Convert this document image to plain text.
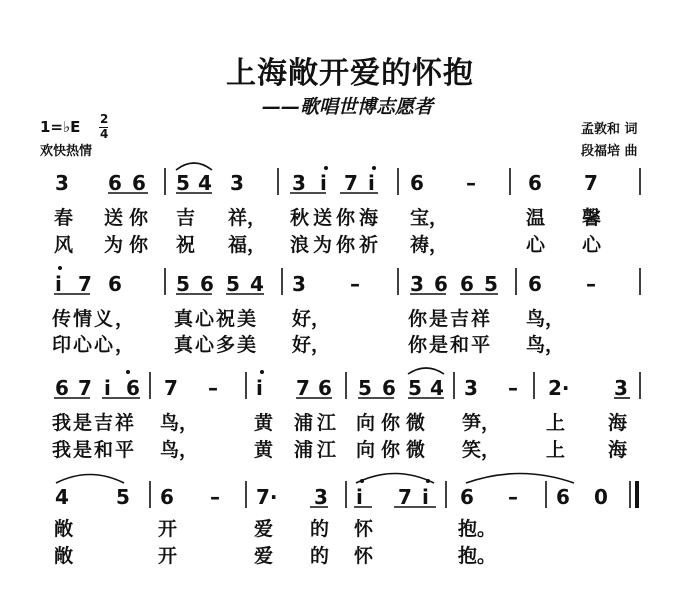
上海敞开爱的怀抱
——歌唱世博志愿者
1=♭E 2
4
欢快热情
孟敦和 词
段福培 曲
3 6 6 5 4 3 3 i 7 i 6 –	6 7
春 送你 吉 祥， 秋送你海 宝，	温 馨
风 为你 祝 福， 浪为你祈 祷，	心 心
i 7 6	5 6 5 4 3 –	3 6 6 5 6 –
传情义， 真心祝美 好，	你是吉祥 鸟，
印心心， 真心多美 好，	你是和平 鸟，
6 7 i 6 7 – i 7 6 5 6 5 4 3 – 2· 3
我是吉祥 鸟，	黄 浦江 向你微 笋， 上 海
我是和平 鸟，	黄 浦江 向你微 笑， 上 海
4 5 6 – 7· 3 i 7 i 6 – 6 0
敞	开	爱 的 怀	抱。
敞	开	爱 的 怀	抱。
